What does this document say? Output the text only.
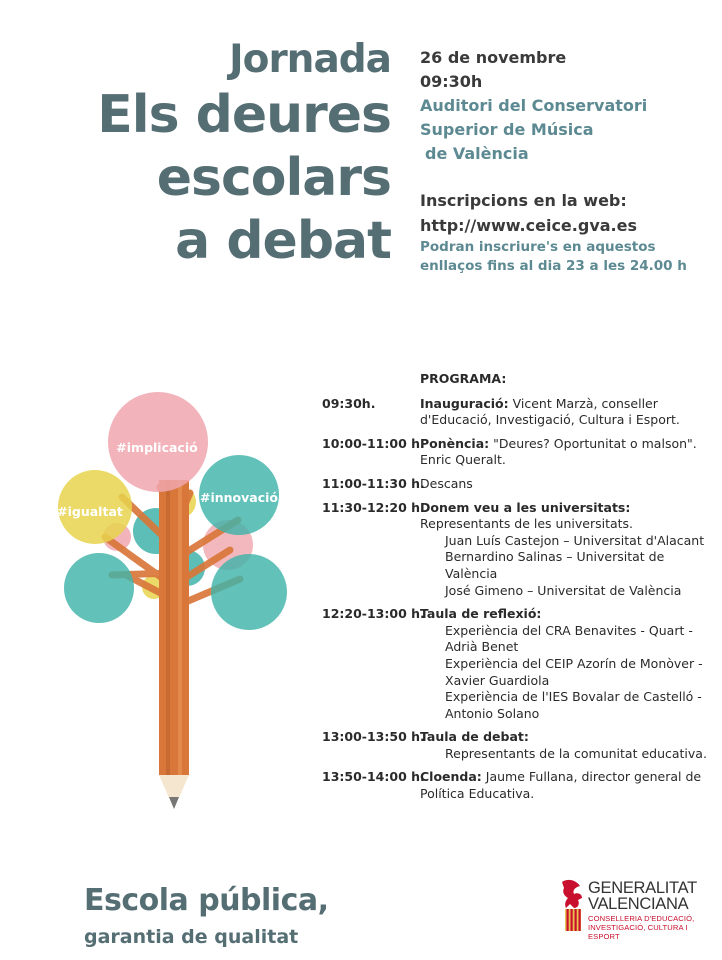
Jornada
Els deures
escolars
a debat
26 de novembre
09:30h
Auditori del Conservatori
Superior de Música
de València
Inscripcions en la web:
http://www.ceice.gva.es
Podran inscriure's en aquestos
enllaços fins al dia 23 a les 24.00 h
#implicació
#innovació
#igualtat
PROGRAMA:
09:30h.	Inauguració: Vicent Marzà, conseller d'Educació, Investigació, Cultura i Esport.
10:00-11:00 h.
Ponència: "Deures? Oportunitat o malson". Enric Queralt.
11:00-11:30 h.
Descans
11:30-12:20 h.
Donem veu a les universitats:
Representants de les universitats.
Juan Luís Castejon – Universitat d'Alacant
Bernardino Salinas – Universitat de València
José Gimeno – Universitat de València
12:20-13:00 h.
Taula de reflexió:
Experiència del CRA Benavites - Quart - Adrià Benet
Experiència del CEIP Azorín de Monòver - Xavier Guardiola
Experiència de l'IES Bovalar de Castelló - Antonio Solano
13:00-13:50 h.
Taula de debat:
Representants de la comunitat educativa.
13:50-14:00 h.
Cloenda: Jaume Fullana, director general de Política Educativa.
Escola pública,
garantia de qualitat
GENERALITAT
VALENCIANA
CONSELLERIA D'EDUCACIÓ,
INVESTIGACIÓ, CULTURA I ESPORT
